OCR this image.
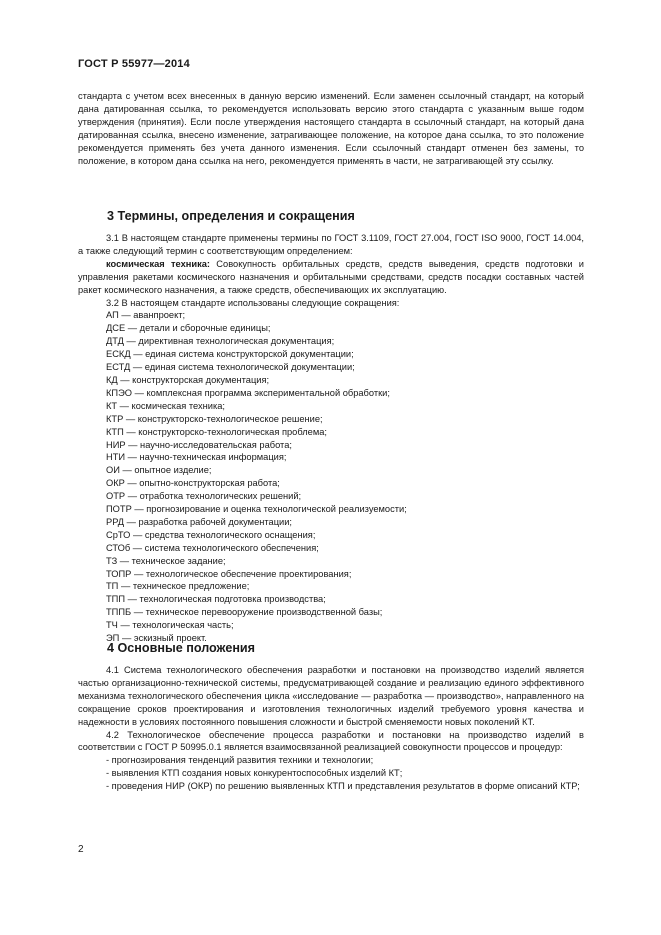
ГОСТ Р 55977—2014

стандарта с учетом всех внесенных в данную версию изменений. Если заменен ссылочный стандарт, на который дана датированная ссылка, то рекомендуется использовать версию этого стандарта с указанным выше годом утверждения (принятия). Если после утверждения настоящего стандарта в ссылочный стандарт, на который дана датированная ссылка, внесено изменение, затрагивающее положение, на которое дана ссылка, то это положение рекомендуется применять без учета данного изменения. Если ссылочный стандарт отменен без замены, то положение, в котором дана ссылка на него, рекомендуется применять в части, не затрагивающей эту ссылку.

3 Термины, определения и сокращения

3.1 В настоящем стандарте применены термины по ГОСТ 3.1109, ГОСТ 27.004, ГОСТ ISO 9000, ГОСТ 14.004, а также следующий термин с соответствующим определением:

космическая техника: Совокупность орбитальных средств, средств выведения, средств подготовки и управления ракетами космического назначения и орбитальными средствами, средств посадки составных частей ракет космического назначения, а также средств, обеспечивающих их эксплуатацию.

3.2 В настоящем стандарте использованы следующие сокращения:

АП — аванпроект;
ДСЕ — детали и сборочные единицы;
ДТД — директивная технологическая документация;
ЕСКД — единая система конструкторской документации;
ЕСТД — единая система технологической документации;
КД — конструкторская документация;
КПЭО — комплексная программа экспериментальной обработки;
КТ — космическая техника;
КТР — конструкторско-технологическое решение;
КТП — конструкторско-технологическая проблема;
НИР — научно-исследовательская работа;
НТИ — научно-техническая информация;
ОИ — опытное изделие;
ОКР — опытно-конструкторская работа;
ОТР — отработка технологических решений;
ПОТР — прогнозирование и оценка технологической реализуемости;
РРД — разработка рабочей документации;
СрТО — средства технологического оснащения;
СТОб — система технологического обеспечения;
ТЗ — техническое задание;
ТОПР — технологическое обеспечение проектирования;
ТП — техническое предложение;
ТПП — технологическая подготовка производства;
ТППБ — техническое перевооружение производственной базы;
ТЧ — технологическая часть;
ЭП — эскизный проект.
4 Основные положения

4.1 Система технологического обеспечения разработки и постановки на производство изделий является частью организационно-технической системы, предусматривающей создание и реализацию единого эффективного механизма технологического обеспечения цикла «исследование — разработка — производство», направленного на сокращение сроков проектирования и изготовления технологичных изделий требуемого уровня качества и надежности в условиях постоянного повышения сложности и быстрой сменяемости новых поколений КТ.

4.2 Технологическое обеспечение процесса разработки и постановки на производство изделий в соответствии с ГОСТ Р 50995.0.1 является взаимосвязанной реализацией совокупности процессов и процедур:

- прогнозирования тенденций развития техники и технологии;
- выявления КТП создания новых конкурентоспособных изделий КТ;
- проведения НИР (ОКР) по решению выявленных КТП и представления результатов в форме описаний КТР;
2
